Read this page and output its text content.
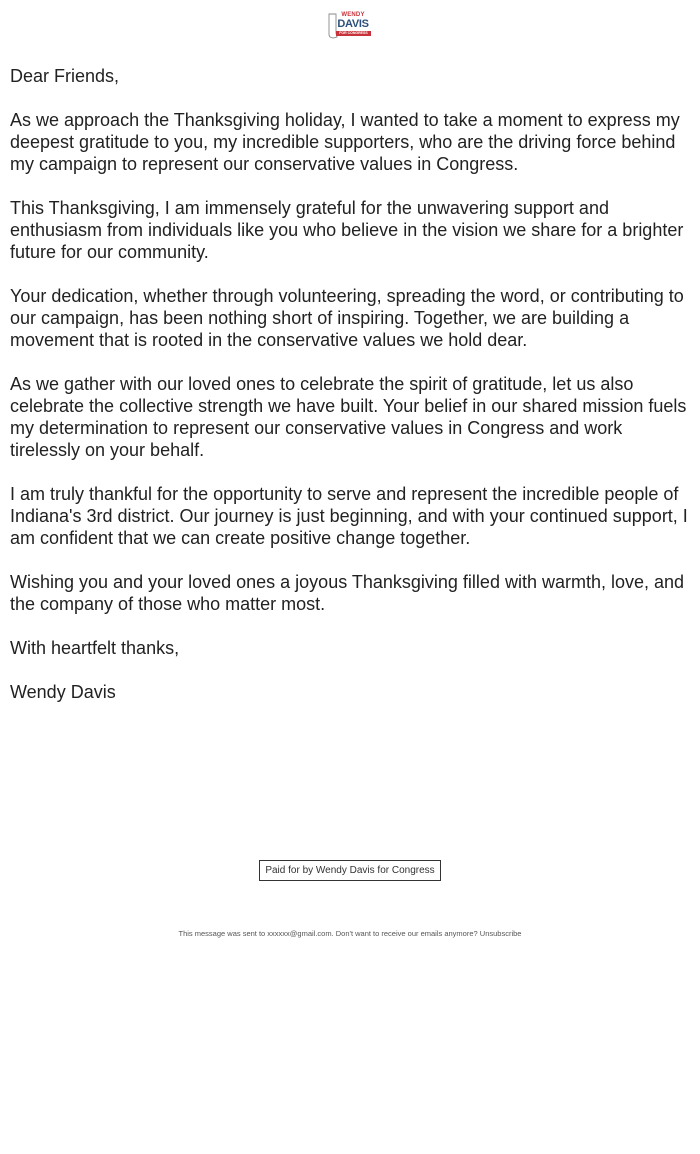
WENDY
DAVIS
FOR CONGRESS

Dear Friends,

As we approach the Thanksgiving holiday, I wanted to take a moment to express my deepest gratitude to you, my incredible supporters, who are the driving force behind my campaign to represent our conservative values in Congress.

This Thanksgiving, I am immensely grateful for the unwavering support and enthusiasm from individuals like you who believe in the vision we share for a brighter future for our community.

Your dedication, whether through volunteering, spreading the word, or contributing to our campaign, has been nothing short of inspiring. Together, we are building a movement that is rooted in the conservative values we hold dear.

As we gather with our loved ones to celebrate the spirit of gratitude, let us also celebrate the collective strength we have built. Your belief in our shared mission fuels my determination to represent our conservative values in Congress and work tirelessly on your behalf.

I am truly thankful for the opportunity to serve and represent the incredible people of Indiana's 3rd district. Our journey is just beginning, and with your continued support, I am confident that we can create positive change together.

Wishing you and your loved ones a joyous Thanksgiving filled with warmth, love, and the company of those who matter most.

With heartfelt thanks,

Wendy Davis

Paid for by Wendy Davis for Congress
This message was sent to xxxxxx@gmail.com. Don't want to receive our emails anymore? Unsubscribe
